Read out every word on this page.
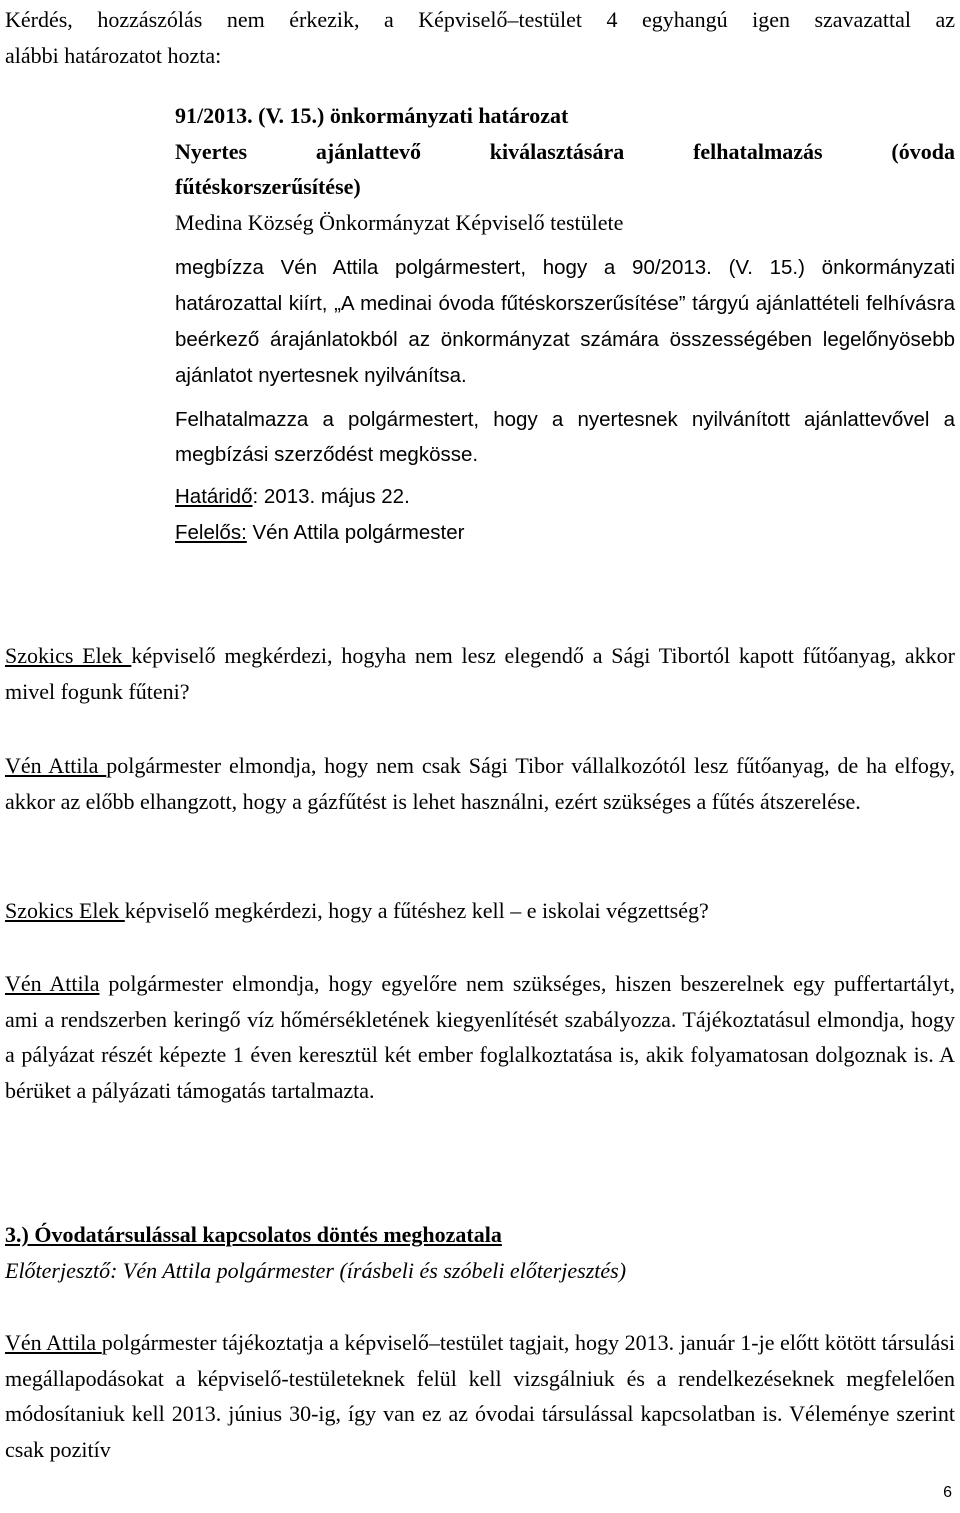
Kérdés, hozzászólás nem érkezik, a Képviselő–testület 4 egyhangú igen szavazattal az

alábbi határozatot hozta:

91/2013. (V. 15.) önkormányzati határozat

Nyertes ajánlattevő kiválasztására felhatalmazás (óvoda

fűtéskorszerűsítése)

Medina Község Önkormányzat Képviselő testülete

megbízza Vén Attila polgármestert, hogy a 90/2013. (V. 15.) önkormányzati határozattal kiírt, „A medinai óvoda fűtéskorszerűsítése” tárgyú ajánlattételi felhívásra beérkező árajánlatokból az önkormányzat számára összességében legelőnyösebb ajánlatot nyertesnek nyilvánítsa.

Felhatalmazza a polgármestert, hogy a nyertesnek nyilvánított ajánlattevővel a megbízási szerződést megkösse.

Határidő: 2013. május 22.

Felelős: Vén Attila polgármester

Szokics Elek képviselő megkérdezi, hogyha nem lesz elegendő a Sági Tibortól kapott fűtőanyag, akkor mivel fogunk fűteni?

Vén Attila polgármester elmondja, hogy nem csak Sági Tibor vállalkozótól lesz fűtőanyag, de ha elfogy, akkor az előbb elhangzott, hogy a gázfűtést is lehet használni, ezért szükséges a fűtés átszerelése.

Szokics Elek képviselő megkérdezi, hogy a fűtéshez kell – e iskolai végzettség?

Vén Attila polgármester elmondja, hogy egyelőre nem szükséges, hiszen beszerelnek egy puffertartályt, ami a rendszerben keringő víz hőmérsékletének kiegyenlítését szabályozza. Tájékoztatásul elmondja, hogy a pályázat részét képezte 1 éven keresztül két ember foglalkoztatása is, akik folyamatosan dolgoznak is. A bérüket a pályázati támogatás tartalmazta.

3.) Óvodatársulással kapcsolatos döntés meghozatala

Előterjesztő: Vén Attila polgármester (írásbeli és szóbeli előterjesztés)

Vén Attila polgármester tájékoztatja a képviselő–testület tagjait, hogy 2013. január 1-je előtt kötött társulási megállapodásokat a képviselő-testületeknek felül kell vizsgálniuk és a rendelkezéseknek megfelelően módosítaniuk kell 2013. június 30-ig, így van ez az óvodai társulással kapcsolatban is. Véleménye szerint csak pozitív

6
